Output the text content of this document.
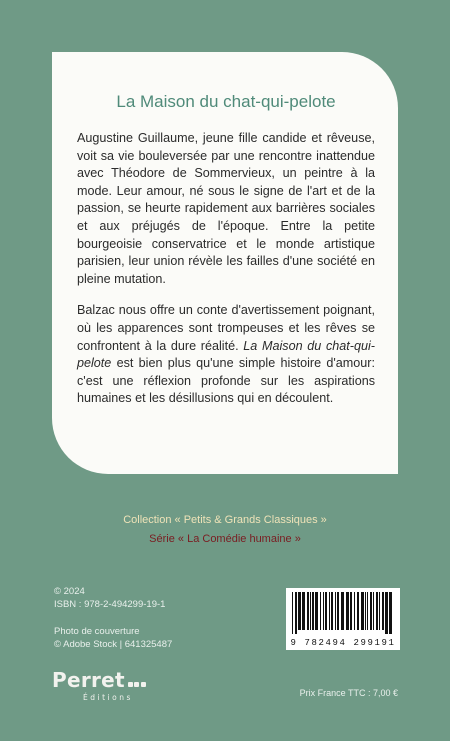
La Maison du chat-qui-pelote

Augustine Guillaume, jeune fille candide et rêveuse, voit sa vie bouleversée par une rencontre inattendue avec Théodore de Sommervieux, un peintre à la mode. Leur amour, né sous le signe de l'art et de la passion, se heurte rapidement aux barrières sociales et aux préjugés de l'époque. Entre la petite bourgeoisie conservatrice et le monde artistique parisien, leur union révèle les failles d'une société en pleine mutation.

Balzac nous offre un conte d'avertissement poignant, où les apparences sont trompeuses et les rêves se confrontent à la dure réalité. La Maison du chat-qui-pelote est bien plus qu'une simple histoire d'amour: c'est une réflexion profonde sur les aspirations humaines et les désillusions qui en découlent.

Collection « Petits & Grands Classiques »
Série « La Comédie humaine »
© 2024
ISBN : 978-2-494299-19-1
Photo de couverture
© Adobe Stock | 641325487
Perret
Éditions
9 782494 299191
Prix France TTC : 7,00 €
